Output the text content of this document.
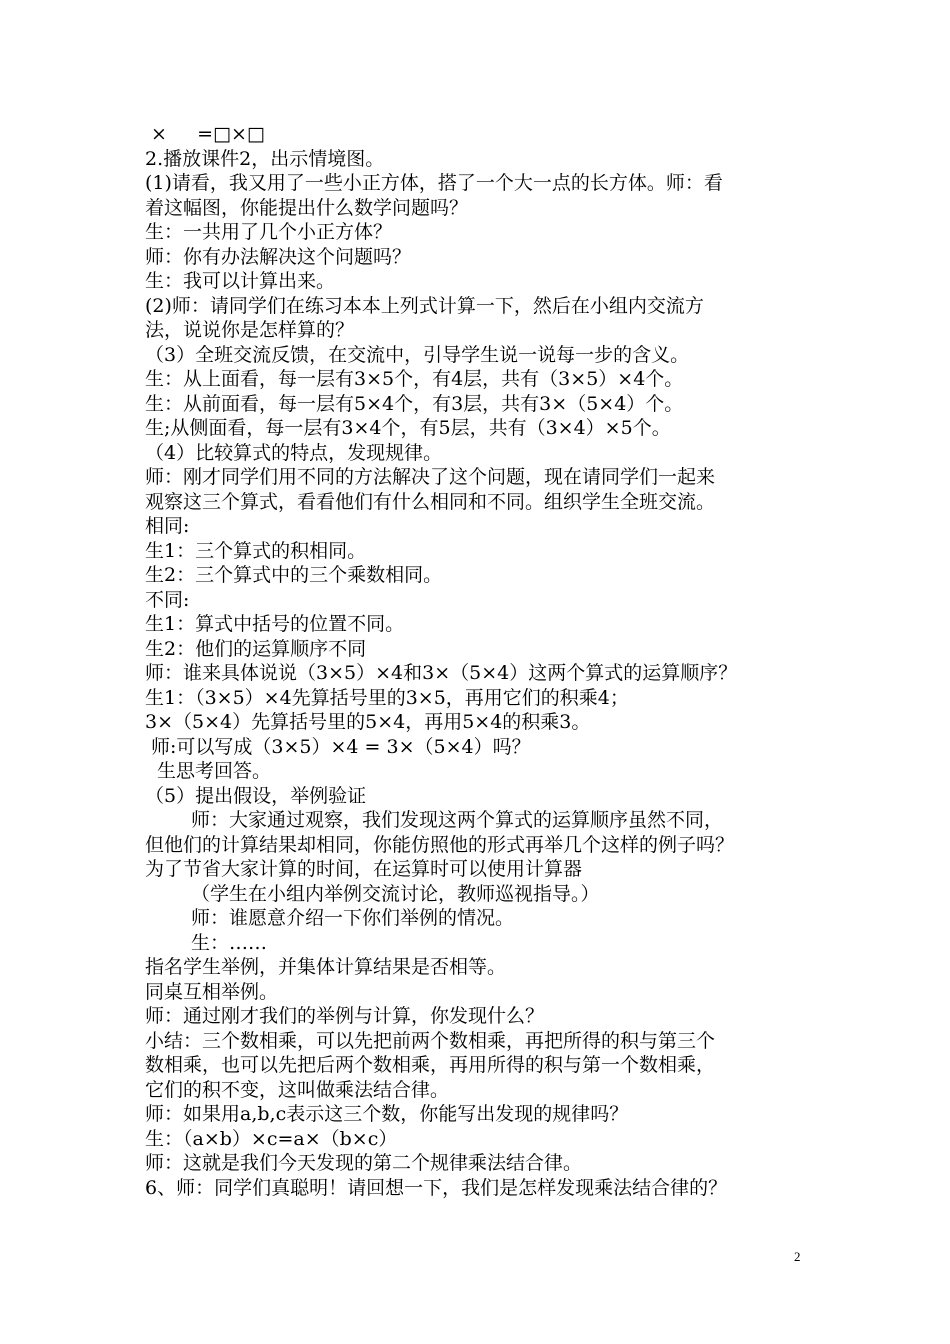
×     =□×□
2.播放课件2，出示情境图。
(1)请看，我又用了一些小正方体，搭了一个大一点的长方体。师：看
着这幅图，你能提出什么数学问题吗？
生：一共用了几个小正方体？
师：你有办法解决这个问题吗？
生：我可以计算出来。
(2)师：请同学们在练习本本上列式计算一下，然后在小组内交流方
法，说说你是怎样算的？
（3）全班交流反馈，在交流中，引导学生说一说每一步的含义。
生：从上面看，每一层有3×5个，有4层，共有（3×5）×4个。
生：从前面看，每一层有5×4个，有3层，共有3×（5×4）个。
生;从侧面看，每一层有3×4个，有5层，共有（3×4）×5个。
（4）比较算式的特点，发现规律。
师：刚才同学们用不同的方法解决了这个问题，现在请同学们一起来
观察这三个算式，看看他们有什么相同和不同。组织学生全班交流。
相同:
生1：三个算式的积相同。
生2：三个算式中的三个乘数相同。
不同:
生1：算式中括号的位置不同。
生2：他们的运算顺序不同
师：谁来具体说说（3×5）×4和3×（5×4）这两个算式的运算顺序？
生1：（3×5）×4先算括号里的3×5，再用它们的积乘4；
3×（5×4）先算括号里的5×4，再用5×4的积乘3。
师:可以写成（3×5）×4 = 3×（5×4）吗？
生思考回答。
（5）提出假设，举例验证
师：大家通过观察，我们发现这两个算式的运算顺序虽然不同，
但他们的计算结果却相同，你能仿照他的形式再举几个这样的例子吗？
为了节省大家计算的时间，在运算时可以使用计算器
（学生在小组内举例交流讨论，教师巡视指导。）
师：谁愿意介绍一下你们举例的情况。
生：……
指名学生举例，并集体计算结果是否相等。
同桌互相举例。
师：通过刚才我们的举例与计算，你发现什么？
小结：三个数相乘，可以先把前两个数相乘，再把所得的积与第三个
数相乘，也可以先把后两个数相乘，再用所得的积与第一个数相乘，
它们的积不变，这叫做乘法结合律。
师：如果用a,b,c表示这三个数，你能写出发现的规律吗？
生：（a×b）×c=a×（b×c）
师：这就是我们今天发现的第二个规律乘法结合律。
6、师：同学们真聪明！请回想一下，我们是怎样发现乘法结合律的？
2
